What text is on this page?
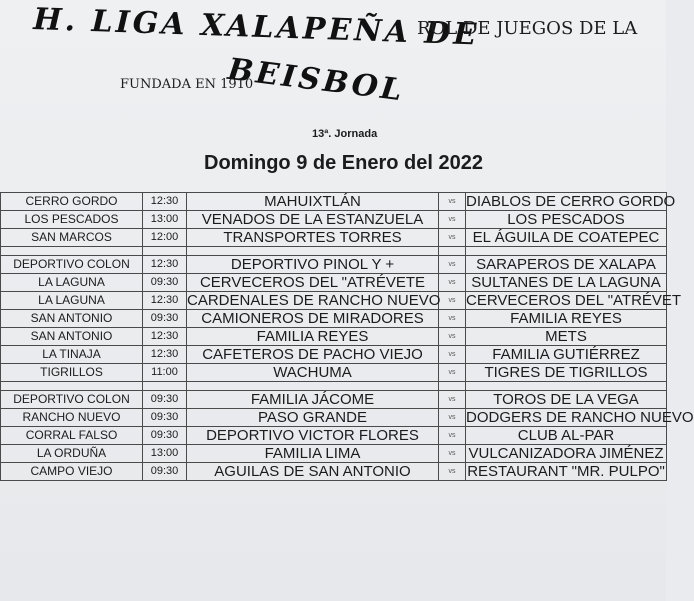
H. LIGA XALAPEÑA DE
BEISBOL
ROL DE JUEGOS DE LA
FUNDADA EN 1910
13ª. Jornada
Domingo 9 de Enero del 2022
CERRO GORDO	12:30	MAHUIXTLÁN	vs	DIABLOS DE CERRO GORDO
LOS PESCADOS	13:00	VENADOS DE LA ESTANZUELA	vs	LOS PESCADOS
SAN MARCOS	12:00	TRANSPORTES TORRES	vs	EL ÁGUILA DE COATEPEC

DEPORTIVO COLON	12:30	DEPORTIVO PINOL Y +	vs	SARAPEROS DE XALAPA
LA LAGUNA	09:30	CERVECEROS DEL "ATRÉVETE	vs	SULTANES DE LA LAGUNA
LA LAGUNA	12:30	CARDENALES DE RANCHO NUEVO	vs	CERVECEROS DEL "ATRÉVET
SAN ANTONIO	09:30	CAMIONEROS DE MIRADORES	vs	FAMILIA REYES
SAN ANTONIO	12:30	FAMILIA REYES	vs	METS
LA TINAJA	12:30	CAFETEROS DE PACHO VIEJO	vs	FAMILIA GUTIÉRREZ
TIGRILLOS	11:00	WACHUMA	vs	TIGRES DE TIGRILLOS

DEPORTIVO COLON	09:30	FAMILIA JÁCOME	vs	TOROS DE LA VEGA
RANCHO NUEVO	09:30	PASO GRANDE	vs	DODGERS DE RANCHO NUEVO
CORRAL FALSO	09:30	DEPORTIVO VICTOR FLORES	vs	CLUB AL-PAR
LA ORDUÑA	13:00	FAMILIA LIMA	vs	VULCANIZADORA JIMÉNEZ
CAMPO VIEJO	09:30	AGUILAS DE SAN ANTONIO	vs	RESTAURANT "MR. PULPO"
